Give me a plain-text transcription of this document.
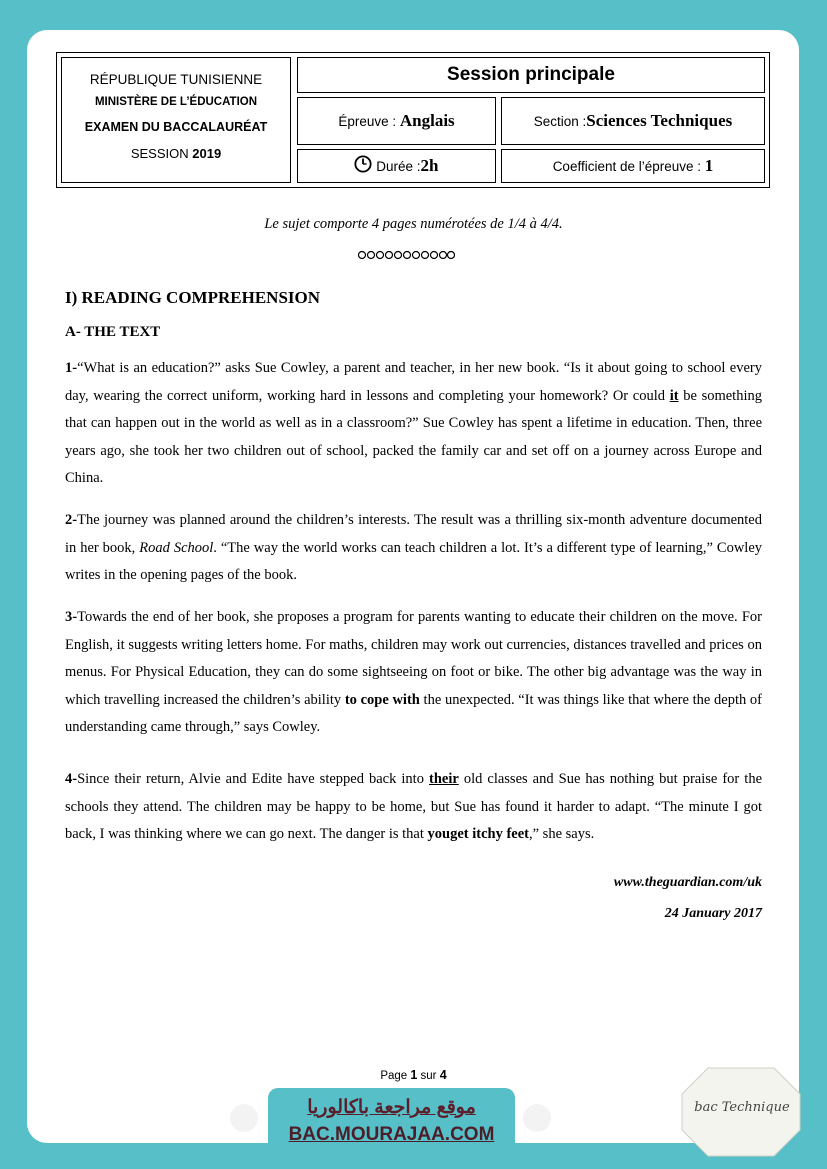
RÉPUBLIQUE TUNISIENNE
MINISTÈRE DE L’ÉDUCATION
EXAMEN DU BACCALAURÉAT
SESSION 2019
Session principale
Épreuve : Anglais	Section :Sciences Techniques
Durée :2h	Coefficient de l’épreuve : 1
Le sujet comporte 4 pages numérotées de 1/4 à 4/4.
I) READING COMPREHENSION
A- THE TEXT
1-“What is an education?” asks Sue Cowley, a parent and teacher, in her new book. “Is it about going to school every day, wearing the correct uniform, working hard in lessons and completing your homework? Or could it be something that can happen out in the world as well as in a classroom?” Sue Cowley has spent a lifetime in education. Then, three years ago, she took her two children out of school, packed the family car and set off on a journey across Europe and China.
2-The journey was planned around the children’s interests. The result was a thrilling six-month adventure documented in her book, Road School. “The way the world works can teach children a lot. It’s a different type of learning,” Cowley writes in the opening pages of the book.
3-Towards the end of her book, she proposes a program for parents wanting to educate their children on the move. For English, it suggests writing letters home. For maths, children may work out currencies, distances travelled and prices on menus. For Physical Education, they can do some sightseeing on foot or bike. The other big advantage was the way in which travelling increased the children’s ability to cope with the unexpected. “It was things like that where the depth of understanding came through,” says Cowley.
4-Since their return, Alvie and Edite have stepped back into their old classes and Sue has nothing but praise for the schools they attend. The children may be happy to be home, but Sue has found it harder to adapt. “The minute I got back, I was thinking where we can go next. The danger is that youget itchy feet,” she says.
www.theguardian.com/uk
24 January 2017
Page 1 sur 4
موقع مراجعة باكالوريا
BAC.MOURAJAA.COM
bac Technique
